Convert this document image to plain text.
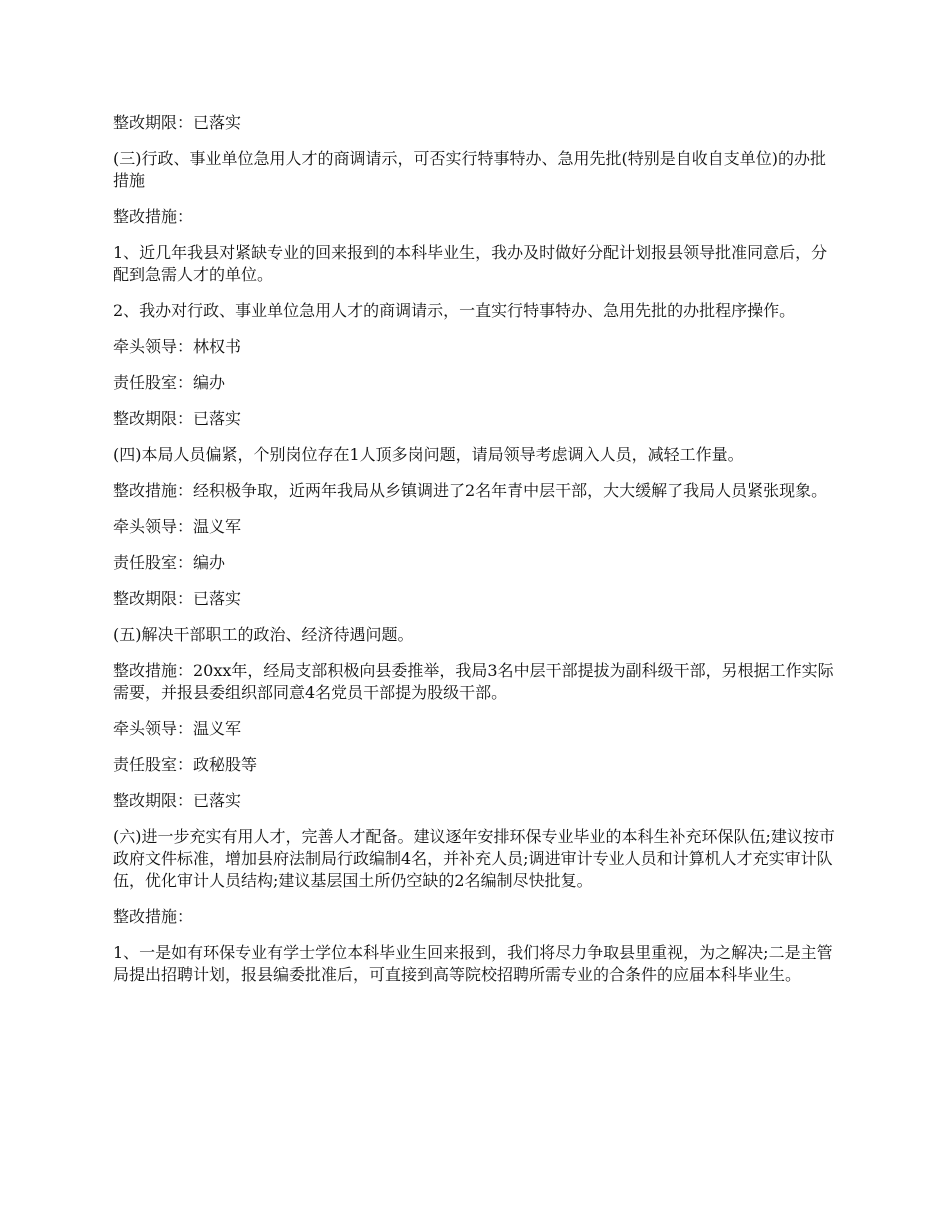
整改期限：已落实

(三)行政、事业单位急用人才的商调请示，可否实行特事特办、急用先批(特别是自收自支单位)的办批措施

整改措施：

1、近几年我县对紧缺专业的回来报到的本科毕业生，我办及时做好分配计划报县领导批准同意后，分配到急需人才的单位。

2、我办对行政、事业单位急用人才的商调请示，一直实行特事特办、急用先批的办批程序操作。

牵头领导：林权书

责任股室：编办

整改期限：已落实

(四)本局人员偏紧，个别岗位存在1人顶多岗问题，请局领导考虑调入人员，减轻工作量。

整改措施：经积极争取，近两年我局从乡镇调进了2名年青中层干部，大大缓解了我局人员紧张现象。

牵头领导：温义军

责任股室：编办

整改期限：已落实

(五)解决干部职工的政治、经济待遇问题。

整改措施：20xx年，经局支部积极向县委推举，我局3名中层干部提拔为副科级干部，另根据工作实际需要，并报县委组织部同意4名党员干部提为股级干部。

牵头领导：温义军

责任股室：政秘股等

整改期限：已落实

(六)进一步充实有用人才，完善人才配备。建议逐年安排环保专业毕业的本科生补充环保队伍;建议按市政府文件标准，增加县府法制局行政编制4名，并补充人员;调进审计专业人员和计算机人才充实审计队伍，优化审计人员结构;建议基层国土所仍空缺的2名编制尽快批复。

整改措施：

1、一是如有环保专业有学士学位本科毕业生回来报到，我们将尽力争取县里重视，为之解决;二是主管局提出招聘计划，报县编委批准后，可直接到高等院校招聘所需专业的合条件的应届本科毕业生。
